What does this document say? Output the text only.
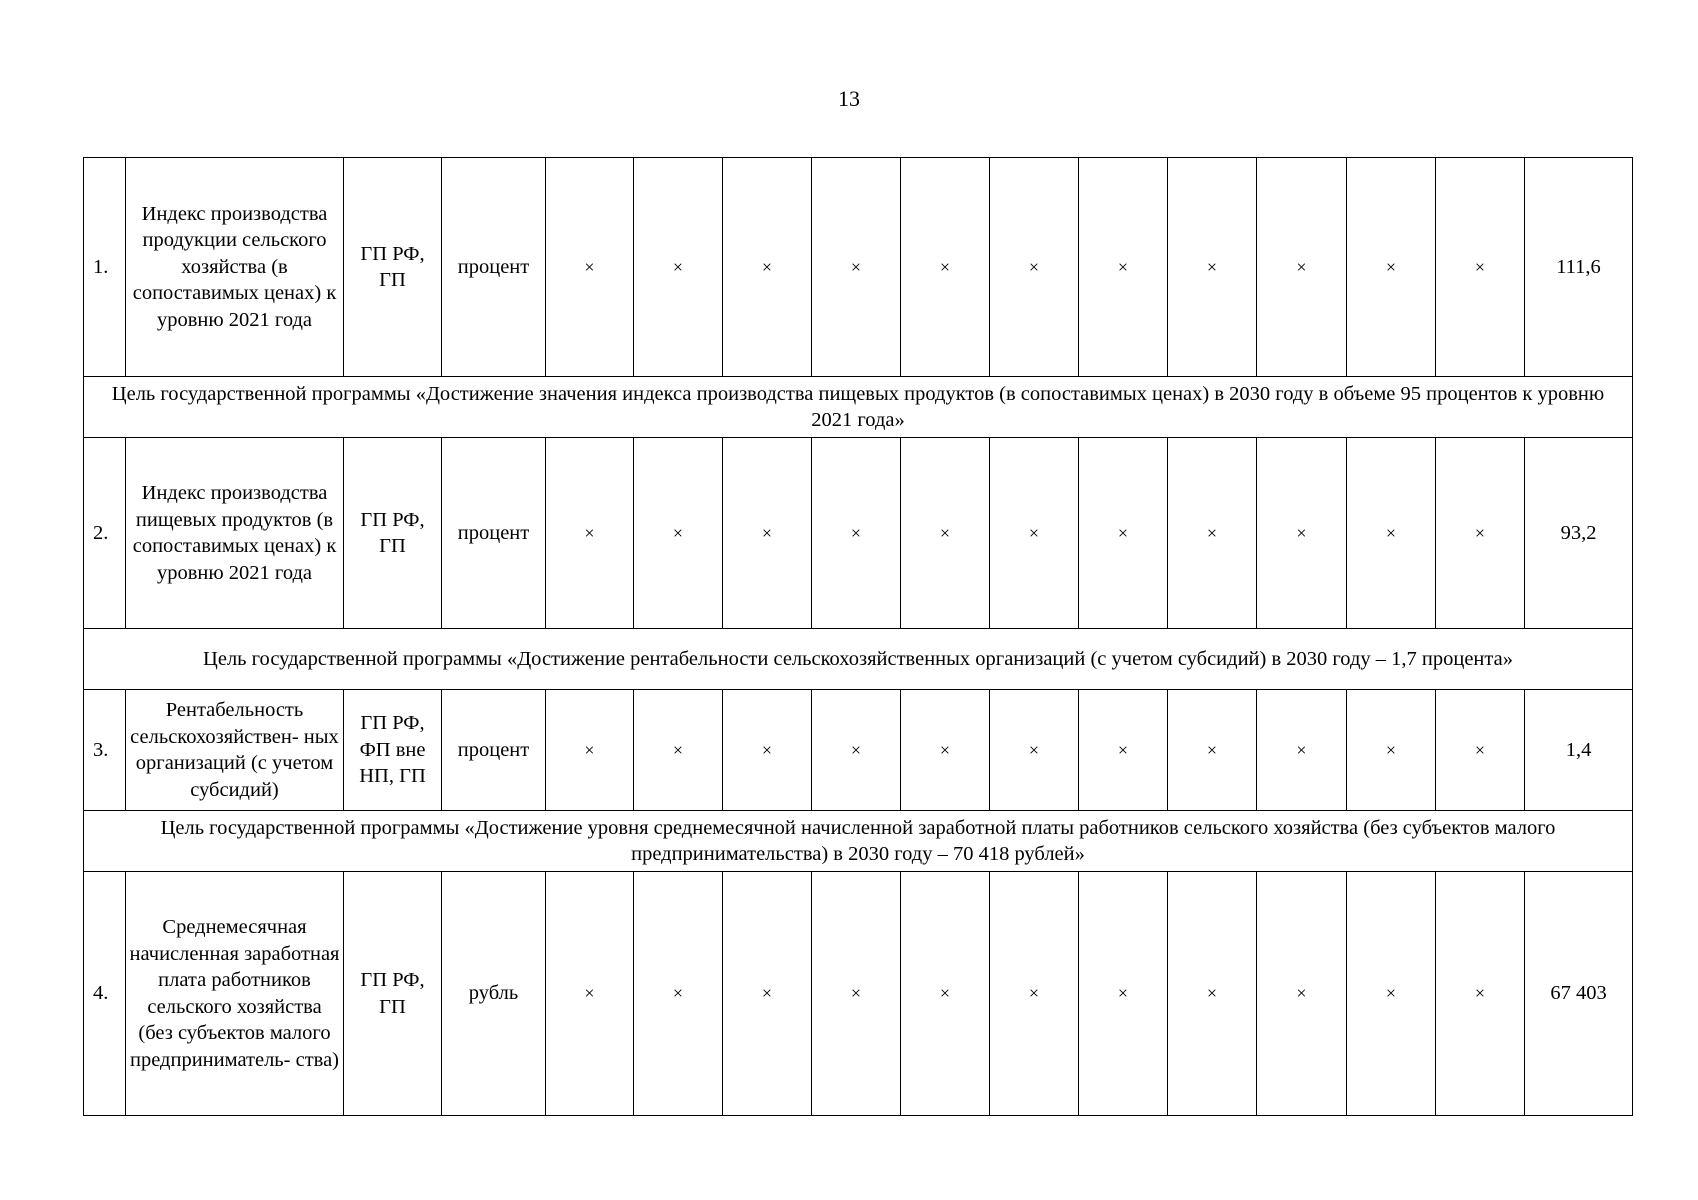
13
1.	Индекс производства продукции сельского хозяйства (в сопоставимых ценах) к уровню 2021 года	ГП РФ, ГП	процент	×	×	×	×	×	×	×	×	×	×	×	111,6
Цель государственной программы «Достижение значения индекса производства пищевых продуктов (в сопоставимых ценах) в 2030 году в объеме 95 процентов к уровню 2021 года»															
2.	Индекс производства пищевых продуктов (в сопоставимых ценах) к уровню 2021 года	ГП РФ, ГП	процент	×	×	×	×	×	×	×	×	×	×	×	93,2
Цель государственной программы «Достижение рентабельности сельскохозяйственных организаций (с учетом субсидий) в 2030 году – 1,7 процента»															
3.	Рентабельность сельскохозяйствен- ных организаций (с учетом субсидий)	ГП РФ, ФП вне НП, ГП	процент	×	×	×	×	×	×	×	×	×	×	×	1,4
Цель государственной программы «Достижение уровня среднемесячной начисленной заработной платы работников сельского хозяйства (без субъектов малого предпринимательства) в 2030 году – 70 418 рублей»															
4.	Среднемесячная начисленная заработная плата работников сельского хозяйства (без субъектов малого предприниматель- ства)	ГП РФ, ГП	рубль	×	×	×	×	×	×	×	×	×	×	×	67 403
